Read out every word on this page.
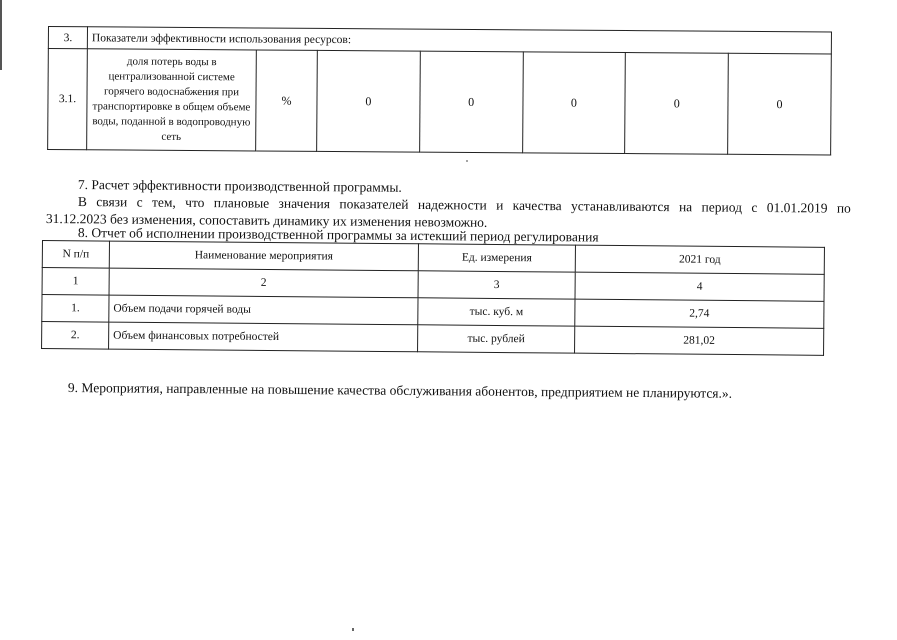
3.	Показатели эффективности использования ресурсов:						
3.1.	доля потерь воды в централизованной системе горячего водоснабжения при транспортировке в общем объеме воды, поданной в водопроводную сеть	%	0	0	0	0	0
7. Расчет эффективности производственной программы.
В связи с тем, что плановые значения показателей надежности и качества устанавливаются на период с 01.01.2019 по
31.12.2023 без изменения, сопоставить динамику их изменения невозможно.
8. Отчет об исполнении производственной программы за истекший период регулирования
N п/п	Наименование мероприятия	Ед. измерения	2021 год
1	2	3	4
1.	Объем подачи горячей воды	тыс. куб. м	2,74
2.	Объем финансовых потребностей	тыс. рублей	281,02
9. Мероприятия, направленные на повышение качества обслуживания абонентов, предприятием не планируются.».
